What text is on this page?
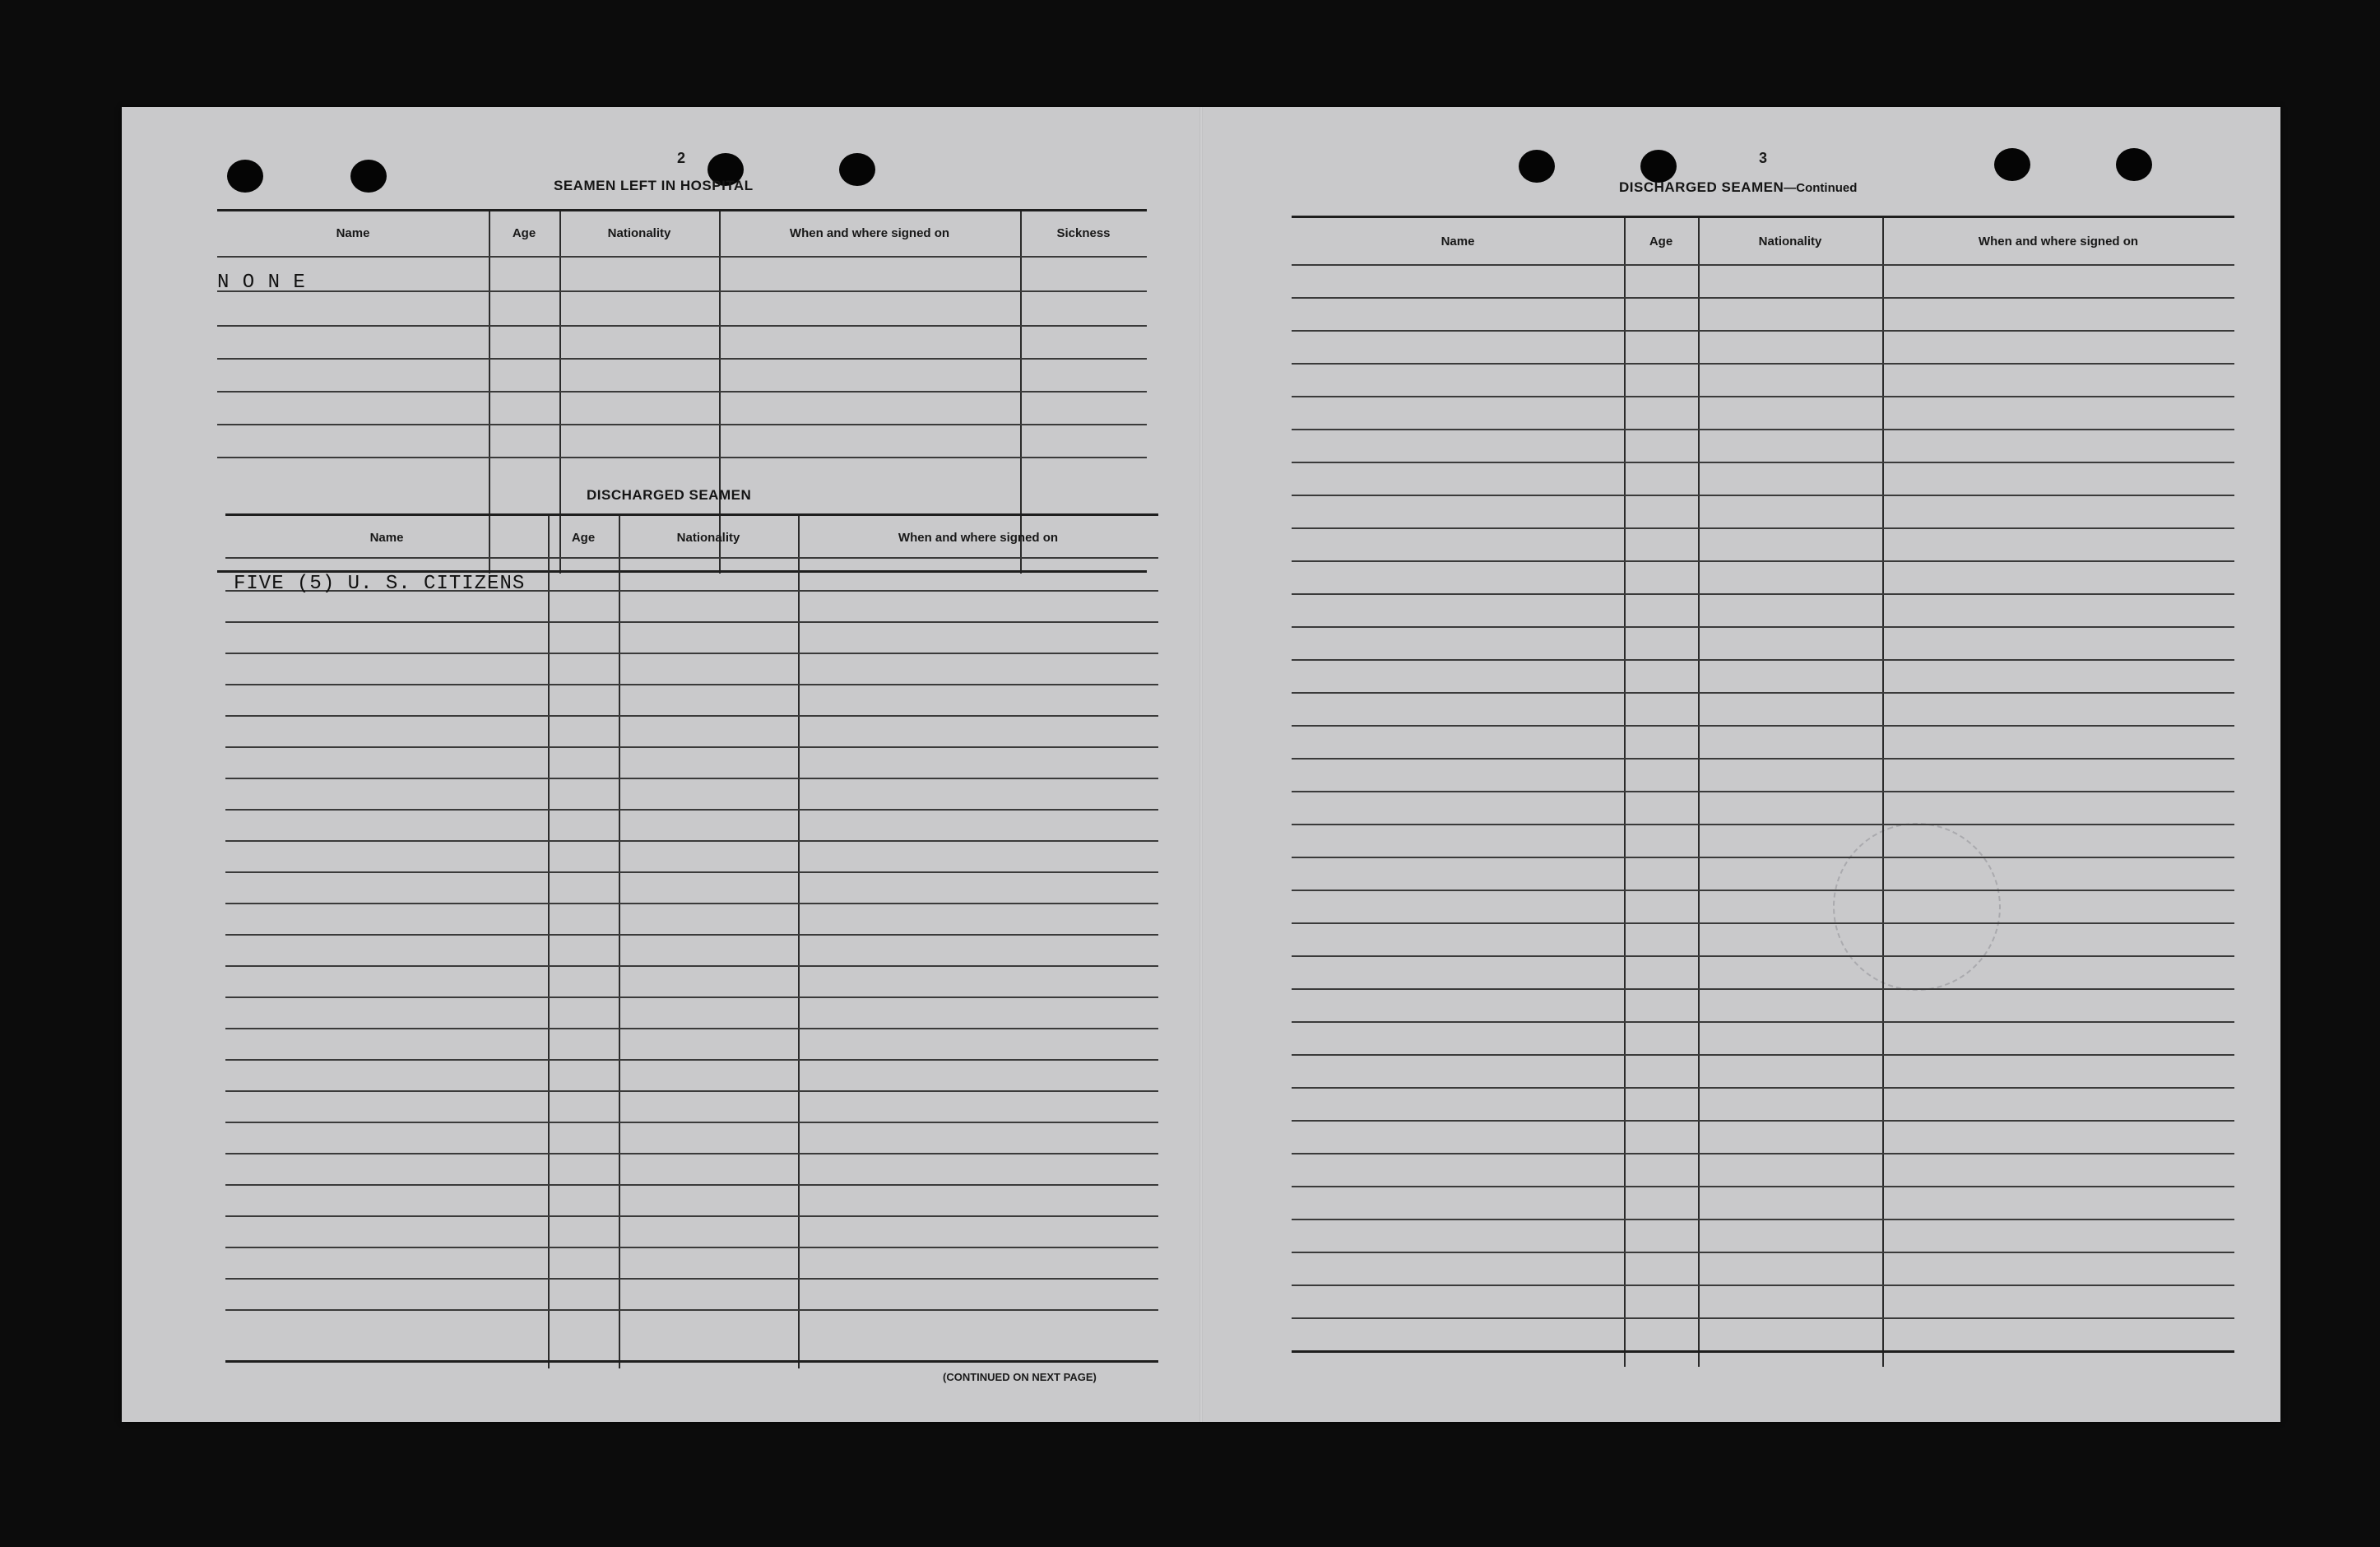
2
SEAMEN LEFT IN HOSPITAL
Name	Age	Nationality	When and where signed on	Sickness
N O N E
DISCHARGED SEAMEN
Name	Age	Nationality	When and where signed on
FIVE (5) U. S. CITIZENS
(CONTINUED ON NEXT PAGE)
3
DISCHARGED SEAMEN—Continued
Name	Age	Nationality	When and where signed on
